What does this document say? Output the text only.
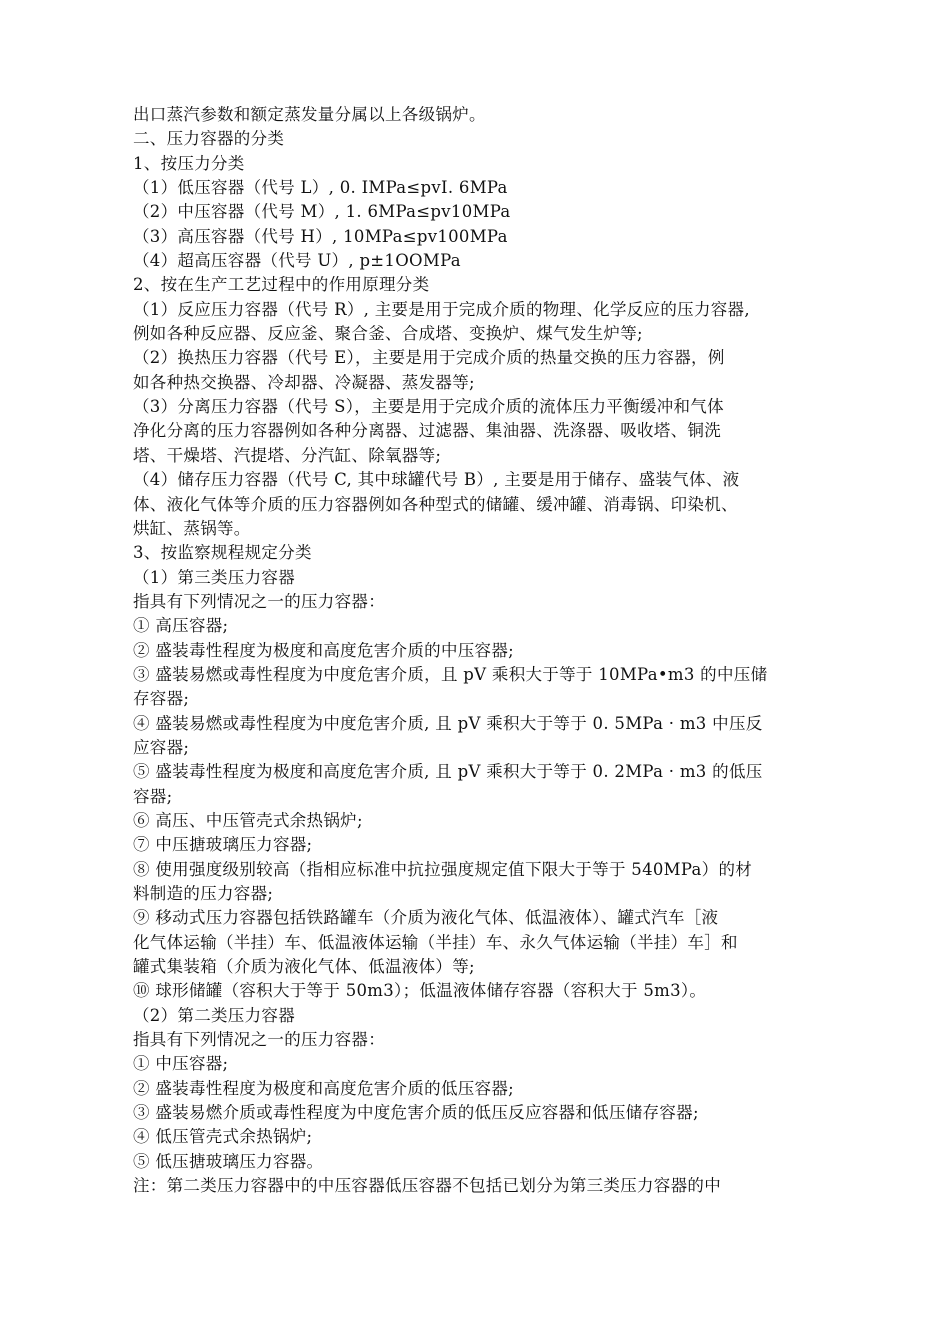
出口蒸汽参数和额定蒸发量分属以上各级锅炉。
二、压力容器的分类
1、按压力分类
（1）低压容器（代号 L）, 0. IMPa≤pvI. 6MPa
（2）中压容器（代号 M）, 1. 6MPa≤pv10MPa
（3）高压容器（代号 H）, 10MPa≤pv100MPa
（4）超高压容器（代号 U）, p±1OOMPa
2、按在生产工艺过程中的作用原理分类
（1）反应压力容器（代号 R）, 主要是用于完成介质的物理、化学反应的压力容器,
例如各种反应器、反应釜、聚合釜、合成塔、变换炉、煤气发生炉等;
（2）换热压力容器（代号 E），主要是用于完成介质的热量交换的压力容器，例
如各种热交换器、冷却器、冷凝器、蒸发器等;
（3）分离压力容器（代号 S），主要是用于完成介质的流体压力平衡缓冲和气体
净化分离的压力容器例如各种分离器、过滤器、集油器、洗涤器、吸收塔、铜洗
塔、干燥塔、汽提塔、分汽缸、除氧器等;
（4）储存压力容器（代号 C, 其中球罐代号 B）, 主要是用于储存、盛装气体、液
体、液化气体等介质的压力容器例如各种型式的储罐、缓冲罐、消毒锅、印染机、
烘缸、蒸锅等。
3、按监察规程规定分类
（1）第三类压力容器
指具有下列情况之一的压力容器：
① 高压容器;
② 盛装毒性程度为极度和高度危害介质的中压容器;
③ 盛装易燃或毒性程度为中度危害介质，且 pV 乘积大于等于 10MPa•m3 的中压储
存容器;
④ 盛装易燃或毒性程度为中度危害介质, 且 pV 乘积大于等于 0. 5MPa · m3 中压反
应容器;
⑤ 盛装毒性程度为极度和高度危害介质, 且 pV 乘积大于等于 0. 2MPa · m3 的低压
容器;
⑥ 高压、中压管壳式余热锅炉;
⑦ 中压搪玻璃压力容器;
⑧ 使用强度级别较高（指相应标准中抗拉强度规定值下限大于等于 540MPa）的材
料制造的压力容器;
⑨ 移动式压力容器包括铁路罐车（介质为液化气体、低温液体）、罐式汽车［液
化气体运输（半挂）车、低温液体运输（半挂）车、永久气体运输（半挂）车］和
罐式集装箱（介质为液化气体、低温液体）等;
⑩ 球形储罐（容积大于等于 50m3）；低温液体储存容器（容积大于 5m3）。
（2）第二类压力容器
指具有下列情况之一的压力容器：
① 中压容器;
② 盛装毒性程度为极度和高度危害介质的低压容器;
③ 盛装易燃介质或毒性程度为中度危害介质的低压反应容器和低压储存容器;
④ 低压管壳式余热锅炉;
⑤ 低压搪玻璃压力容器。
注：第二类压力容器中的中压容器低压容器不包括已划分为第三类压力容器的中
